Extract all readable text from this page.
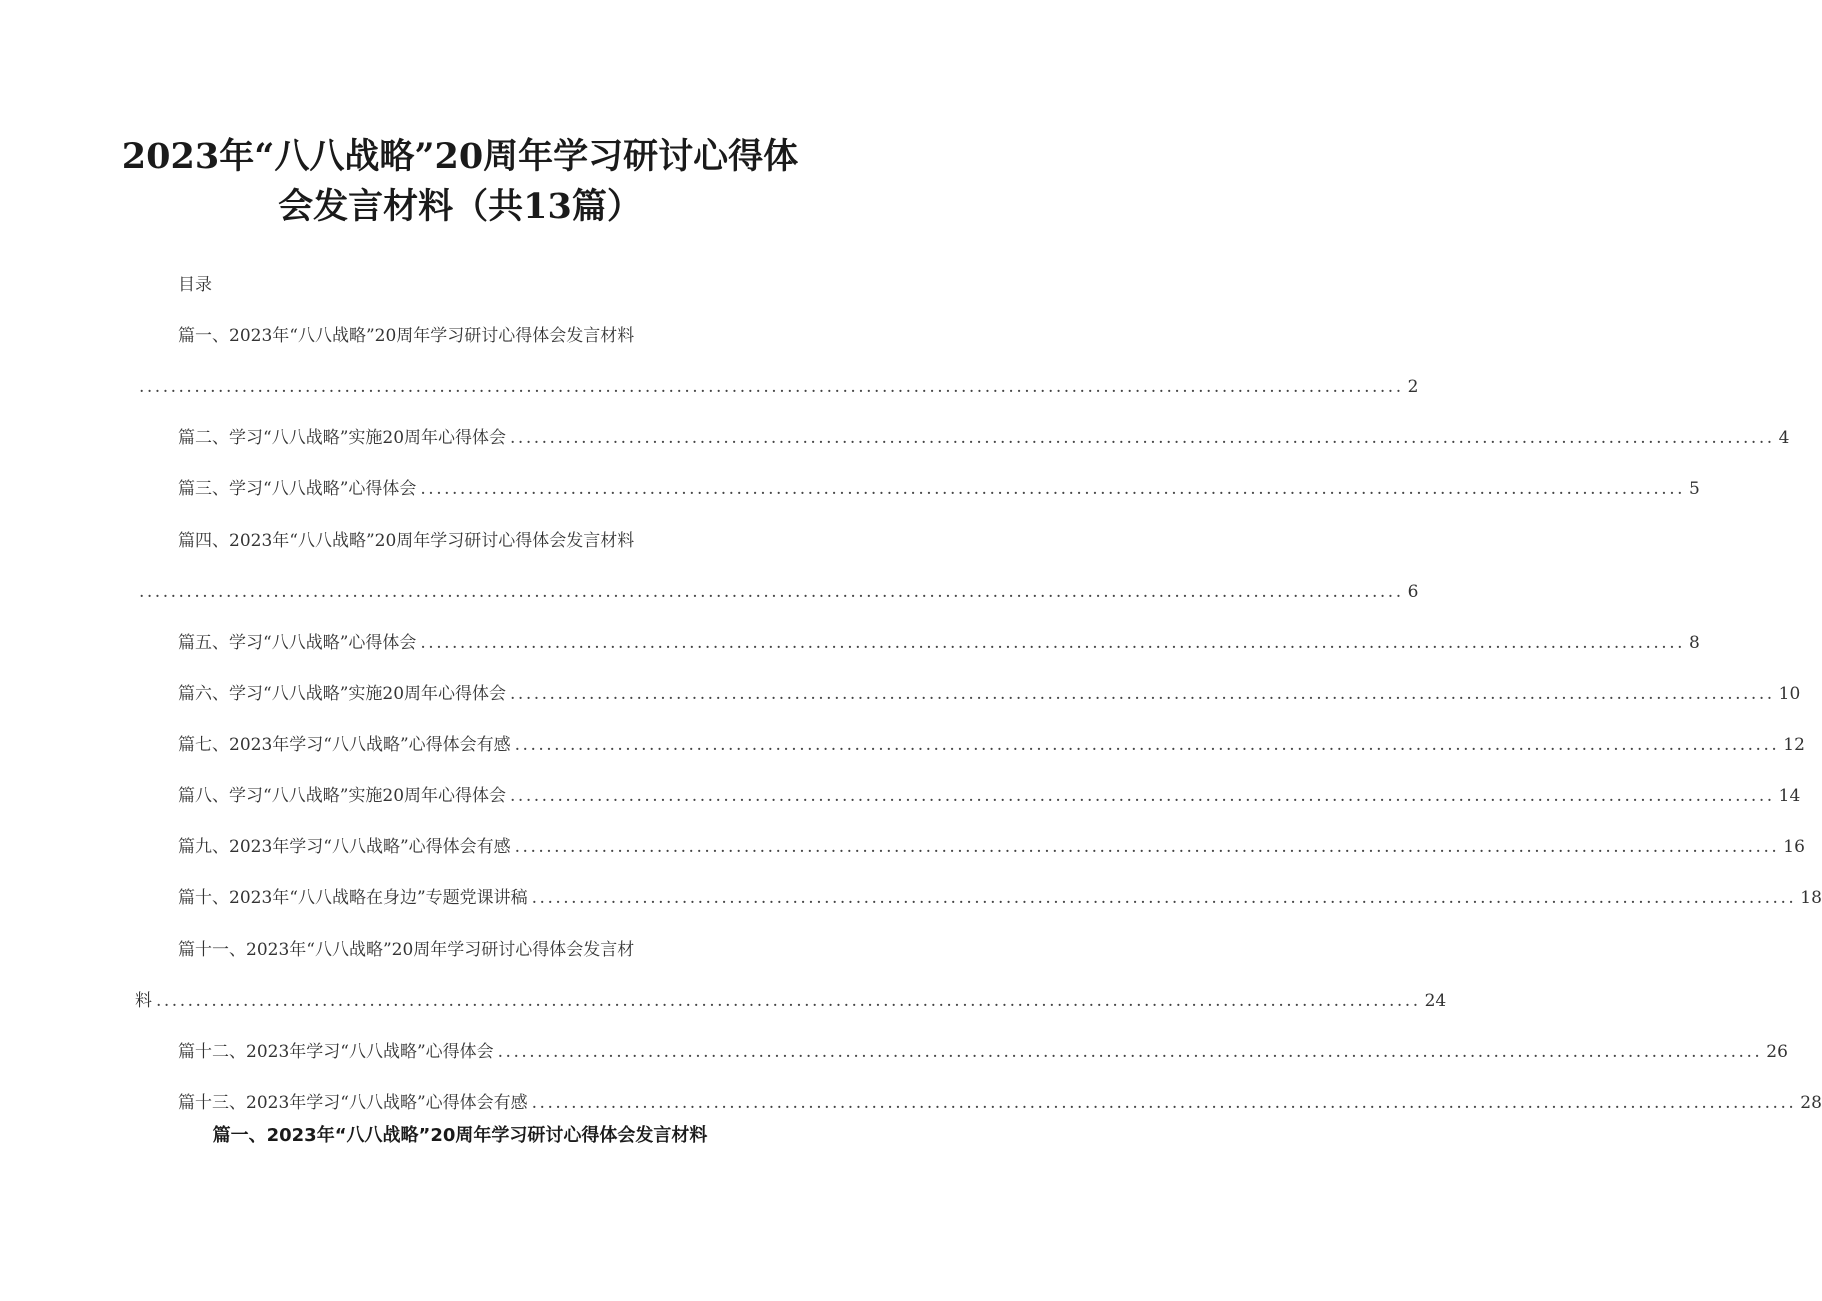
2023年“八八战略”20周年学习研讨心得体
会发言材料（共13篇）
目录
篇一、2023年“八八战略”20周年学习研讨心得体会发言材料
................................................................................................................................................................ 2
篇二、学习“八八战略”实施20周年心得体会 ................................................................................................................................................................ 4
篇三、学习“八八战略”心得体会 ................................................................................................................................................................ 5
篇四、2023年“八八战略”20周年学习研讨心得体会发言材料
................................................................................................................................................................ 6
篇五、学习“八八战略”心得体会 ................................................................................................................................................................ 8
篇六、学习“八八战略”实施20周年心得体会 ................................................................................................................................................................ 10
篇七、2023年学习“八八战略”心得体会有感 ................................................................................................................................................................ 12
篇八、学习“八八战略”实施20周年心得体会 ................................................................................................................................................................ 14
篇九、2023年学习“八八战略”心得体会有感 ................................................................................................................................................................ 16
篇十、2023年“八八战略在身边”专题党课讲稿 ................................................................................................................................................................ 18
篇十一、2023年“八八战略”20周年学习研讨心得体会发言材
料 ................................................................................................................................................................ 24
篇十二、2023年学习“八八战略”心得体会 ................................................................................................................................................................ 26
篇十三、2023年学习“八八战略”心得体会有感 ................................................................................................................................................................ 28
篇一、2023年“八八战略”20周年学习研讨心得体会发言材料
